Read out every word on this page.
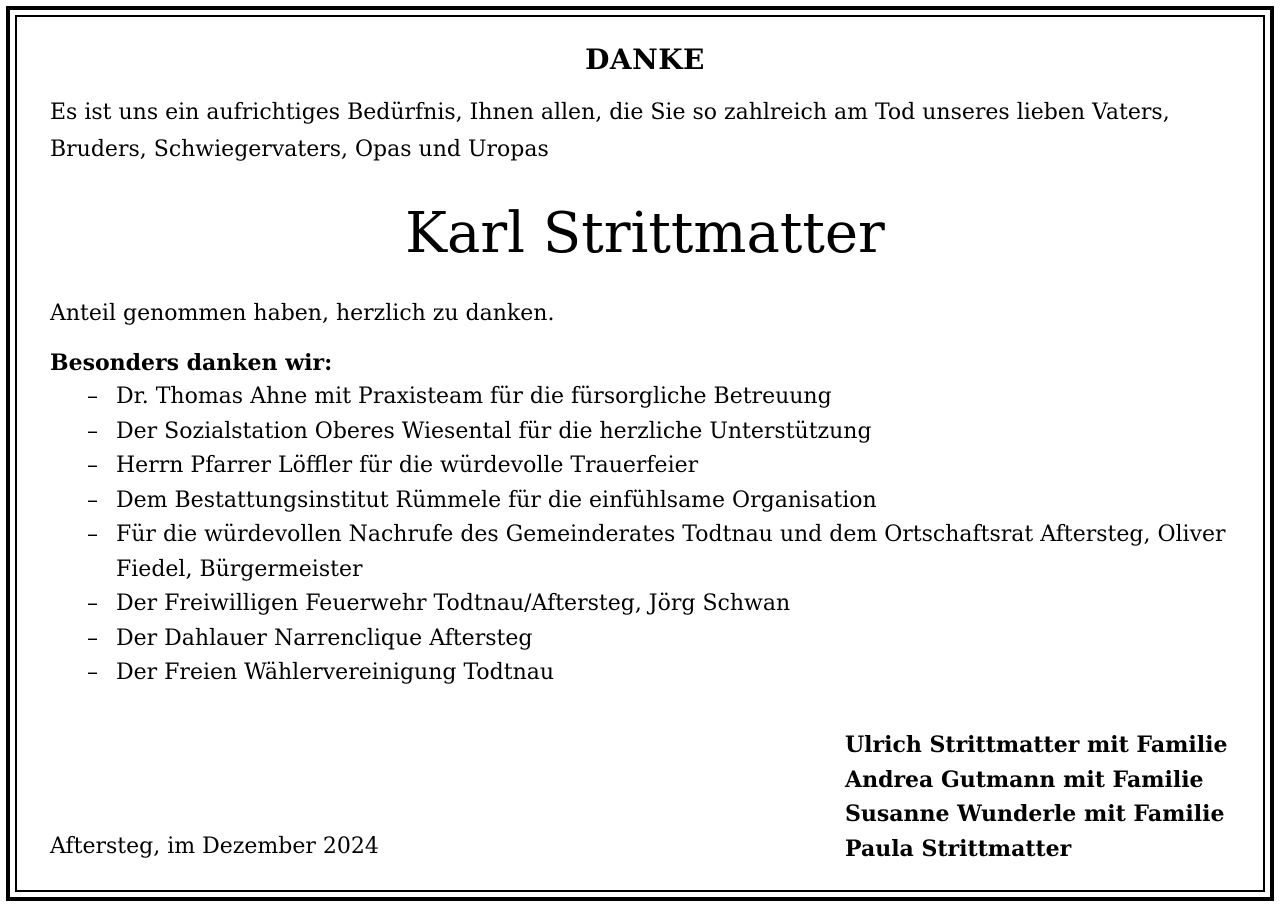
DANKE

Es ist uns ein aufrichtiges Bedürfnis, Ihnen allen, die Sie so zahlreich am Tod unseres lieben Vaters, Bruders, Schwiegervaters, Opas und Uropas

Karl Strittmatter

Anteil genommen haben, herzlich zu danken.

Besonders danken wir:
– Dr. Thomas Ahne mit Praxisteam für die fürsorgliche Betreuung
– Der Sozialstation Oberes Wiesental für die herzliche Unterstützung
– Herrn Pfarrer Löffler für die würdevolle Trauerfeier
– Dem Bestattungsinstitut Rümmele für die einfühlsame Organisation
– Für die würdevollen Nachrufe des Gemeinderates Todtnau und dem Ortschaftsrat Aftersteg, Oliver Fiedel, Bürgermeister
– Der Freiwilligen Feuerwehr Todtnau/Aftersteg, Jörg Schwan
– Der Dahlauer Narrenclique Aftersteg
– Der Freien Wählervereinigung Todtnau
Ulrich Strittmatter mit Familie
Andrea Gutmann mit Familie
Susanne Wunderle mit Familie
Paula Strittmatter
Aftersteg, im Dezember 2024
